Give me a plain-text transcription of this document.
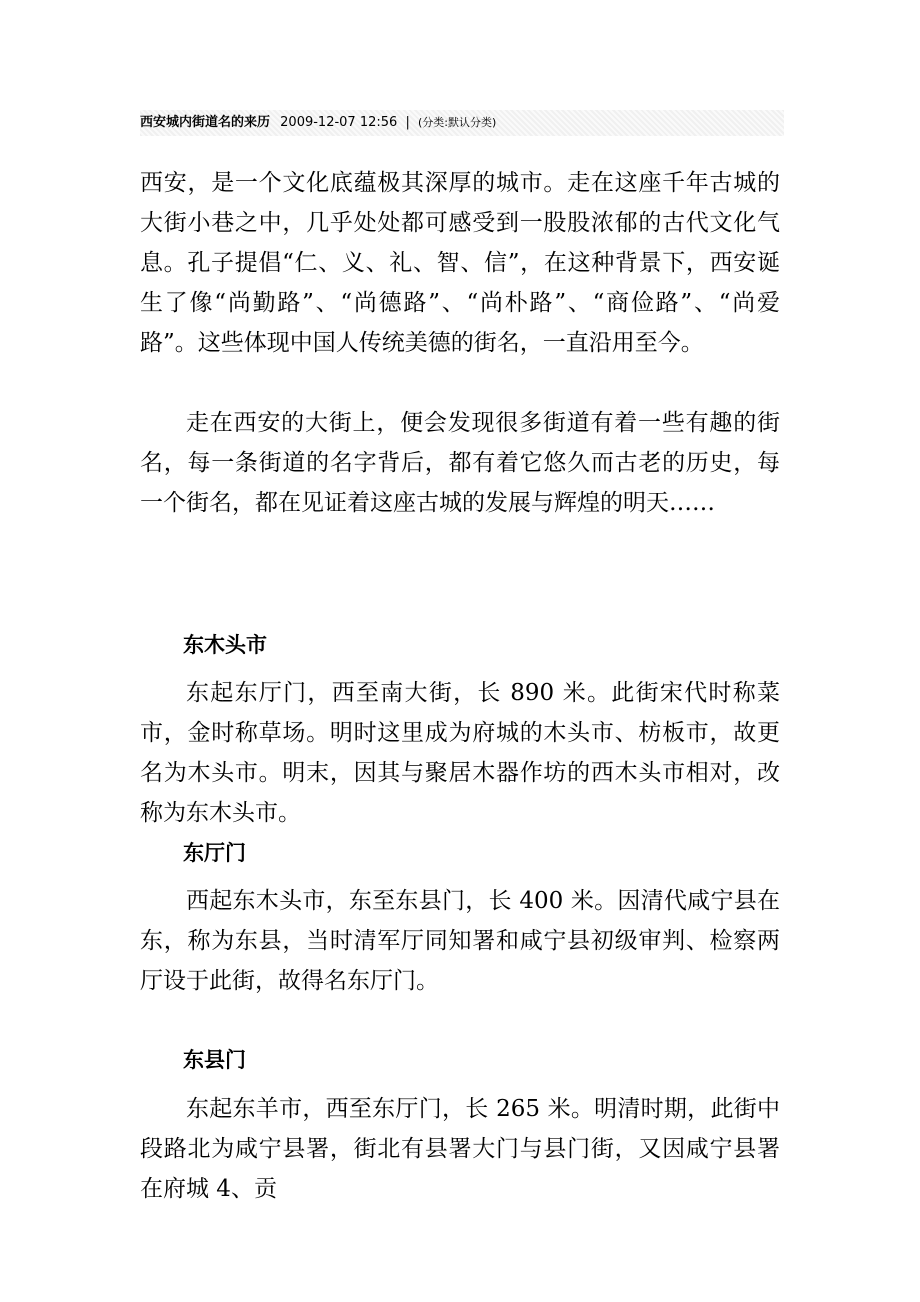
西安城内街道名的来历 2009-12-07 12:56 | (分类:默认分类)

西安，是一个文化底蕴极其深厚的城市。走在这座千年古城的大街小巷之中，几乎处处都可感受到一股股浓郁的古代文化气息。孔子提倡“仁、义、礼、智、信”，在这种背景下，西安诞生了像“尚勤路”、“尚德路”、“尚朴路”、“商俭路”、“尚爱路”。这些体现中国人传统美德的街名，一直沿用至今。

走在西安的大街上，便会发现很多街道有着一些有趣的街名，每一条街道的名字背后，都有着它悠久而古老的历史，每一个街名，都在见证着这座古城的发展与辉煌的明天……

东木头市

东起东厅门，西至南大街，长 890 米。此街宋代时称菜市，金时称草场。明时这里成为府城的木头市、枋板市，故更名为木头市。明末，因其与聚居木器作坊的西木头市相对，改称为东木头市。

东厅门

西起东木头市，东至东县门，长 400 米。因清代咸宁县在东，称为东县，当时清军厅同知署和咸宁县初级审判、检察两厅设于此街，故得名东厅门。

东县门

东起东羊市，西至东厅门，长 265 米。明清时期，此街中段路北为咸宁县署，街北有县署大门与县门街，又因咸宁县署在府城 4、贡
